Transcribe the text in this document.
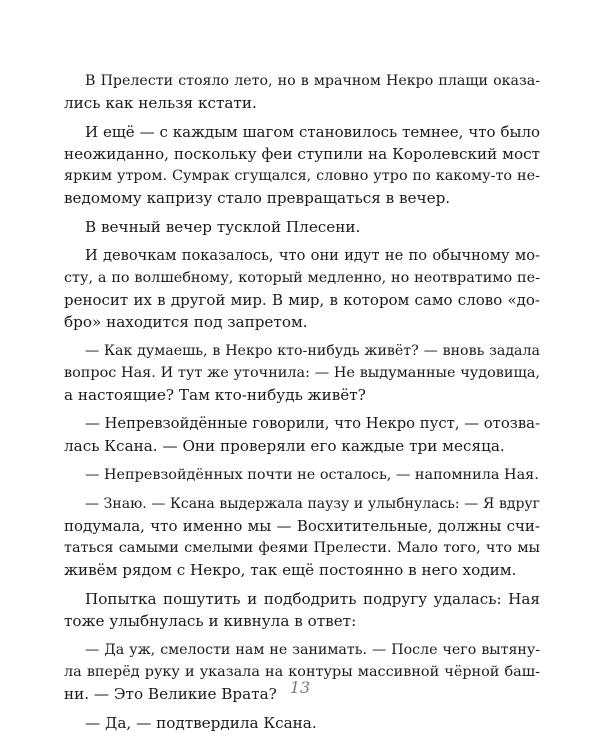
В Прелести стояло лето, но в мрачном Некро плащи оказа-
лись как нельзя кстати.
И ещё — с каждым шагом становилось темнее, что было
неожиданно, поскольку феи ступили на Королевский мост
ярким утром. Сумрак сгущался, словно утро по какому-то не-
ведомому капризу стало превращаться в вечер.
В вечный вечер тусклой Плесени.
И девочкам показалось, что они идут не по обычному мо-
сту, а по волшебному, который медленно, но неотвратимо пе-
реносит их в другой мир. В мир, в котором само слово «до-
бро» находится под запретом.
— Как думаешь, в Некро кто-нибудь живёт? — вновь задала
вопрос Ная. И тут же уточнила: — Не выдуманные чудовища,
а настоящие? Там кто-нибудь живёт?
— Непревзойдённые говорили, что Некро пуст, — отозва-
лась Ксана. — Они проверяли его каждые три месяца.
— Непревзойдённых почти не осталось, — напомнила Ная.
— Знаю. — Ксана выдержала паузу и улыбнулась: — Я вдруг
подумала, что именно мы — Восхитительные, должны счи-
таться самыми смелыми феями Прелести. Мало того, что мы
живём рядом с Некро, так ещё постоянно в него ходим.
Попытка пошутить и подбодрить подругу удалась: Ная
тоже улыбнулась и кивнула в ответ:
— Да уж, смелости нам не занимать. — После чего вытяну-
ла вперёд руку и указала на контуры массивной чёрной баш-
ни. — Это Великие Врата?
— Да, — подтвердила Ксана.
13
